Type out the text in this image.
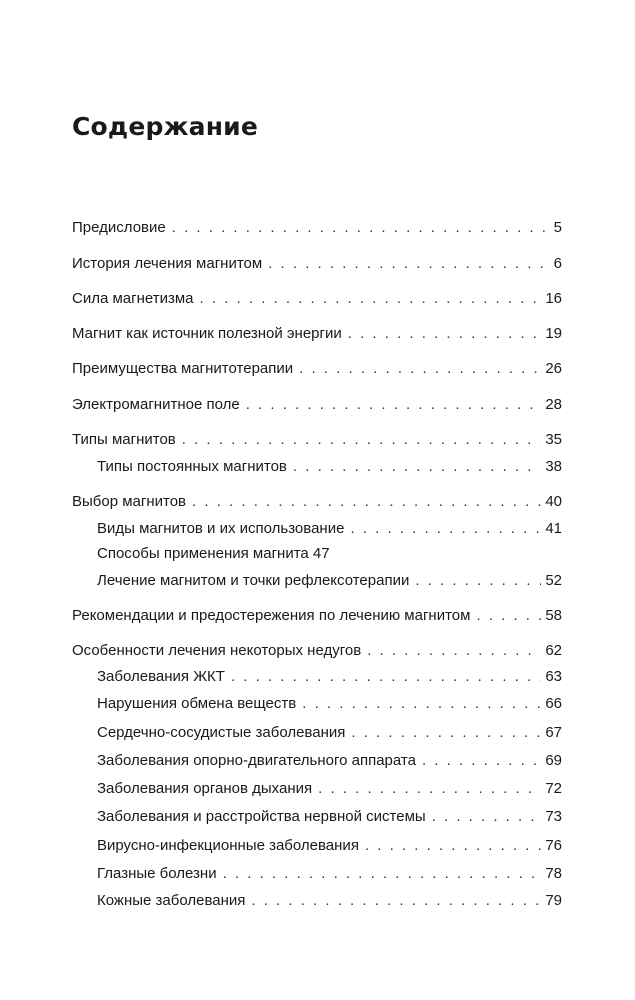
Содержание
Предисловие . . .	5
История лечения магнитом . . .	6
Сила магнетизма . . .	16
Магнит как источник полезной энергии . . .	19
Преимущества магнитотерапии . . .	26
Электромагнитное поле . . .	28
Типы магнитов . . .	35
Типы постоянных магнитов . . .	38
Выбор магнитов . . .	40
Виды магнитов и их использование . . .	41
Способы применения магнита 47
Лечение магнитом и точки рефлексотерапии . . .	52
Рекомендации и предостережения по лечению магнитом . . .	58
Особенности лечения некоторых недугов . . .	62
Заболевания ЖКТ . . .	63
Нарушения обмена веществ . . .	66
Сердечно-сосудистые заболевания . . .	67
Заболевания опорно-двигательного аппарата . . .	69
Заболевания органов дыхания . . .	72
Заболевания и расстройства нервной системы . . .	73
Вирусно-инфекционные заболевания . . .	76
Глазные болезни . . .	78
Кожные заболевания . . .	79
